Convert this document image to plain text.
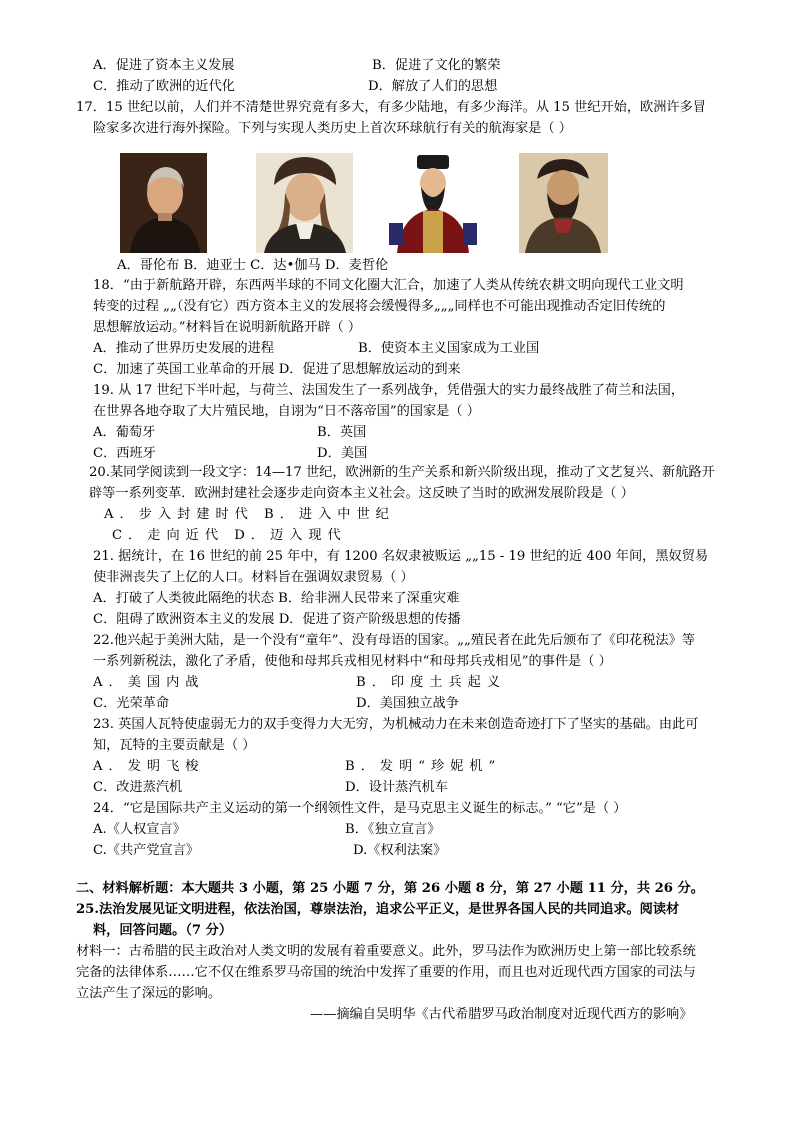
A．促进了资本主义发展	B．促进了文化的繁荣
C．推动了欧洲的近代化	D．解放了人们的思想
17．15 世纪以前，人们并不清楚世界究竟有多大，有多少陆地，有多少海洋。从 15 世纪开始，欧洲许多冒
险家多次进行海外探险。下列与实现人类历史上首次环球航行有关的航海家是（ ）
A．哥伦布 B．迪亚士 C．达•伽马 D．麦哲伦
18．“由于新航路开辟，东西两半球的不同文化圈大汇合，加速了人类从传统农耕文明向现代工业文明
转变的过程 „„（没有它）西方资本主义的发展将会缓慢得多„„„同样也不可能出现推动否定旧传统的
思想解放运动。”材料旨在说明新航路开辟（ ）
A．推动了世界历史发展的进程	B．使资本主义国家成为工业国
C．加速了英国工业革命的开展 D．促进了思想解放运动的到来
19. 从 17 世纪下半叶起，与荷兰、法国发生了一系列战争，凭借强大的实力最终战胜了荷兰和法国，
在世界各地夺取了大片殖民地，自诩为“日不落帝国”的国家是（ ）
A．葡萄牙	B．英国
C．西班牙	D．美国
20.某同学阅读到一段文字：14—17 世纪，欧洲新的生产关系和新兴阶级出现，推动了文艺复兴、新航路开
辟等一系列变革．欧洲封建社会逐步走向资本主义社会。这反映了当时的欧洲发展阶段是（ ）
A．步入封建时代 B．进入中世纪
C．走向近代 D．迈入现代
21. 据统计，在 16 世纪的前 25 年中，有 1200 名奴隶被贩运 „„15 - 19 世纪的近 400 年间，黑奴贸易
使非洲丧失了上亿的人口。材料旨在强调奴隶贸易（ ）
A．打破了人类彼此隔绝的状态 B．给非洲人民带来了深重灾难
C．阻碍了欧洲资本主义的发展 D．促进了资产阶级思想的传播
22.他兴起于美洲大陆，是一个没有“童年”、没有母语的国家。„„殖民者在此先后颁布了《印花税法》等
一系列新税法，激化了矛盾，使他和母邦兵戎相见材料中“和母邦兵戎相见”的事件是（ ）
A．美国内战	B．印度土兵起义
C．光荣革命	D．美国独立战争
23. 英国人瓦特使虚弱无力的双手变得力大无穷，为机械动力在未来创造奇迹打下了坚实的基础。由此可
知，瓦特的主要贡献是（ ）
A．发明飞梭	B．发明“珍妮机”
C．改进蒸汽机	D．设计蒸汽机车
24．“它是国际共产主义运动的第一个纲领性文件，是马克思主义诞生的标志。” “它”是（ ）
A.《人权宣言》	B．《独立宣言》
C.《共产党宣言》	D.《权利法案》
二、材料解析题：本大题共 3 小题，第 25 小题 7 分，第 26 小题 8 分，第 27 小题 11 分，共 26 分。
25.法治发展见证文明进程，依法治国，尊崇法治，追求公平正义，是世界各国人民的共同追求。阅读材
料，回答问题。（7 分）
材料一：古希腊的民主政治对人类文明的发展有着重要意义。此外，罗马法作为欧洲历史上第一部比较系统
完备的法律体系……它不仅在维系罗马帝国的统治中发挥了重要的作用，而且也对近现代西方国家的司法与
立法产生了深远的影响。
——摘编自吴明华《古代希腊罗马政治制度对近现代西方的影响》
